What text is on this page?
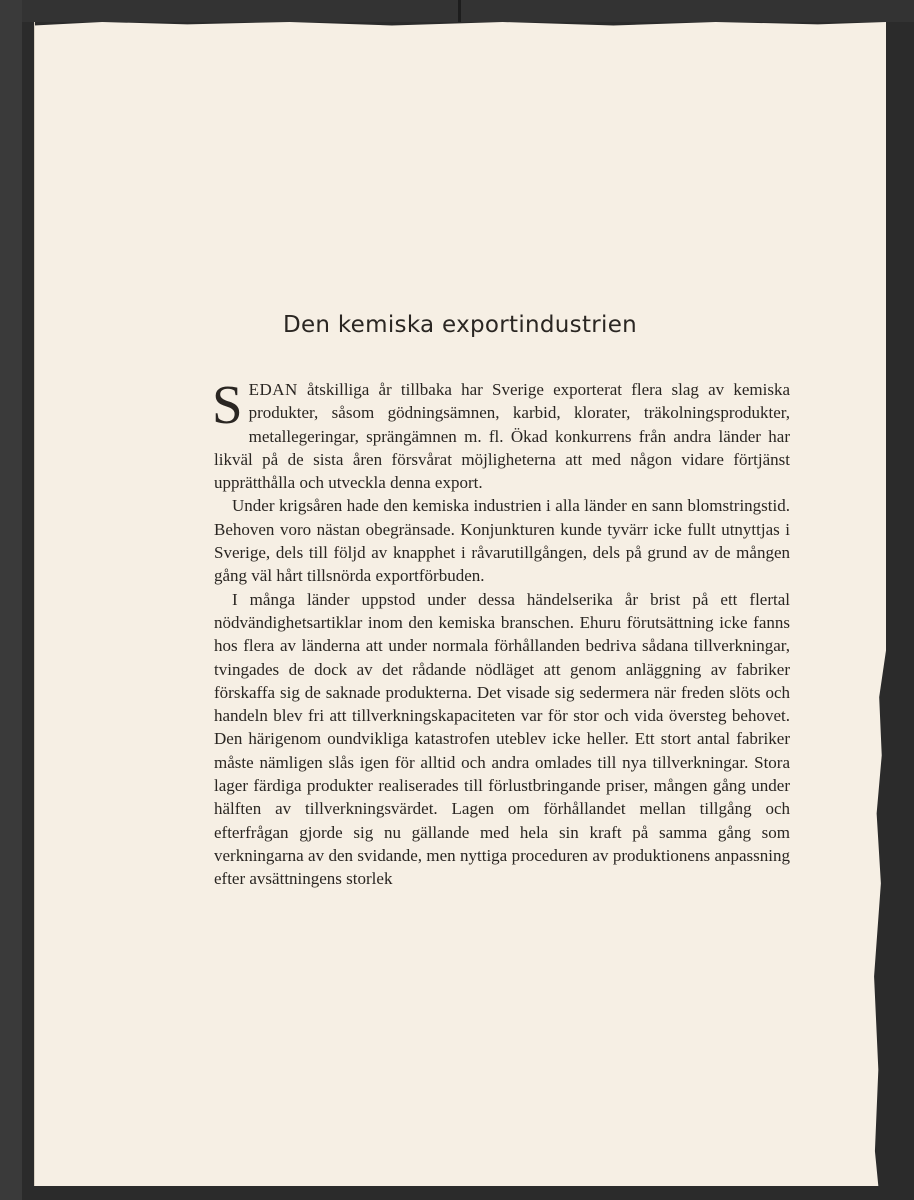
Den kemiska exportindustrien

SEDAN åtskilliga år tillbaka har Sverige exporterat flera slag av kemiska produkter, såsom gödningsämnen, karbid, klorater, träkolningsprodukter, metallegeringar, sprängämnen m. fl. Ökad konkurrens från andra länder har likväl på de sista åren försvårat möjligheterna att med någon vidare förtjänst upprätthålla och utveckla denna export.

Under krigsåren hade den kemiska industrien i alla länder en sann blomstringstid. Behoven voro nästan obegränsade. Konjunkturen kunde tyvärr icke fullt utnyttjas i Sverige, dels till följd av knapphet i råvarutillgången, dels på grund av de mången gång väl hårt tillsnörda exportförbuden.

I många länder uppstod under dessa händelserika år brist på ett flertal nödvändighetsartiklar inom den kemiska branschen. Ehuru förutsättning icke fanns hos flera av länderna att under normala förhållanden bedriva sådana tillverkningar, tvingades de dock av det rådande nödläget att genom anläggning av fabriker förskaffa sig de saknade produkterna. Det visade sig sedermera när freden slöts och handeln blev fri att tillverkningskapaciteten var för stor och vida översteg behovet. Den härigenom oundvikliga katastrofen uteblev icke heller. Ett stort antal fabriker måste nämligen slås igen för alltid och andra omlades till nya tillverkningar. Stora lager färdiga produkter realiserades till förlustbringande priser, mången gång under hälften av tillverkningsvärdet. Lagen om förhållandet mellan tillgång och efterfrågan gjorde sig nu gällande med hela sin kraft på samma gång som verkningarna av den svidande, men nyttiga proceduren av produktionens anpassning efter avsättningens storlek
